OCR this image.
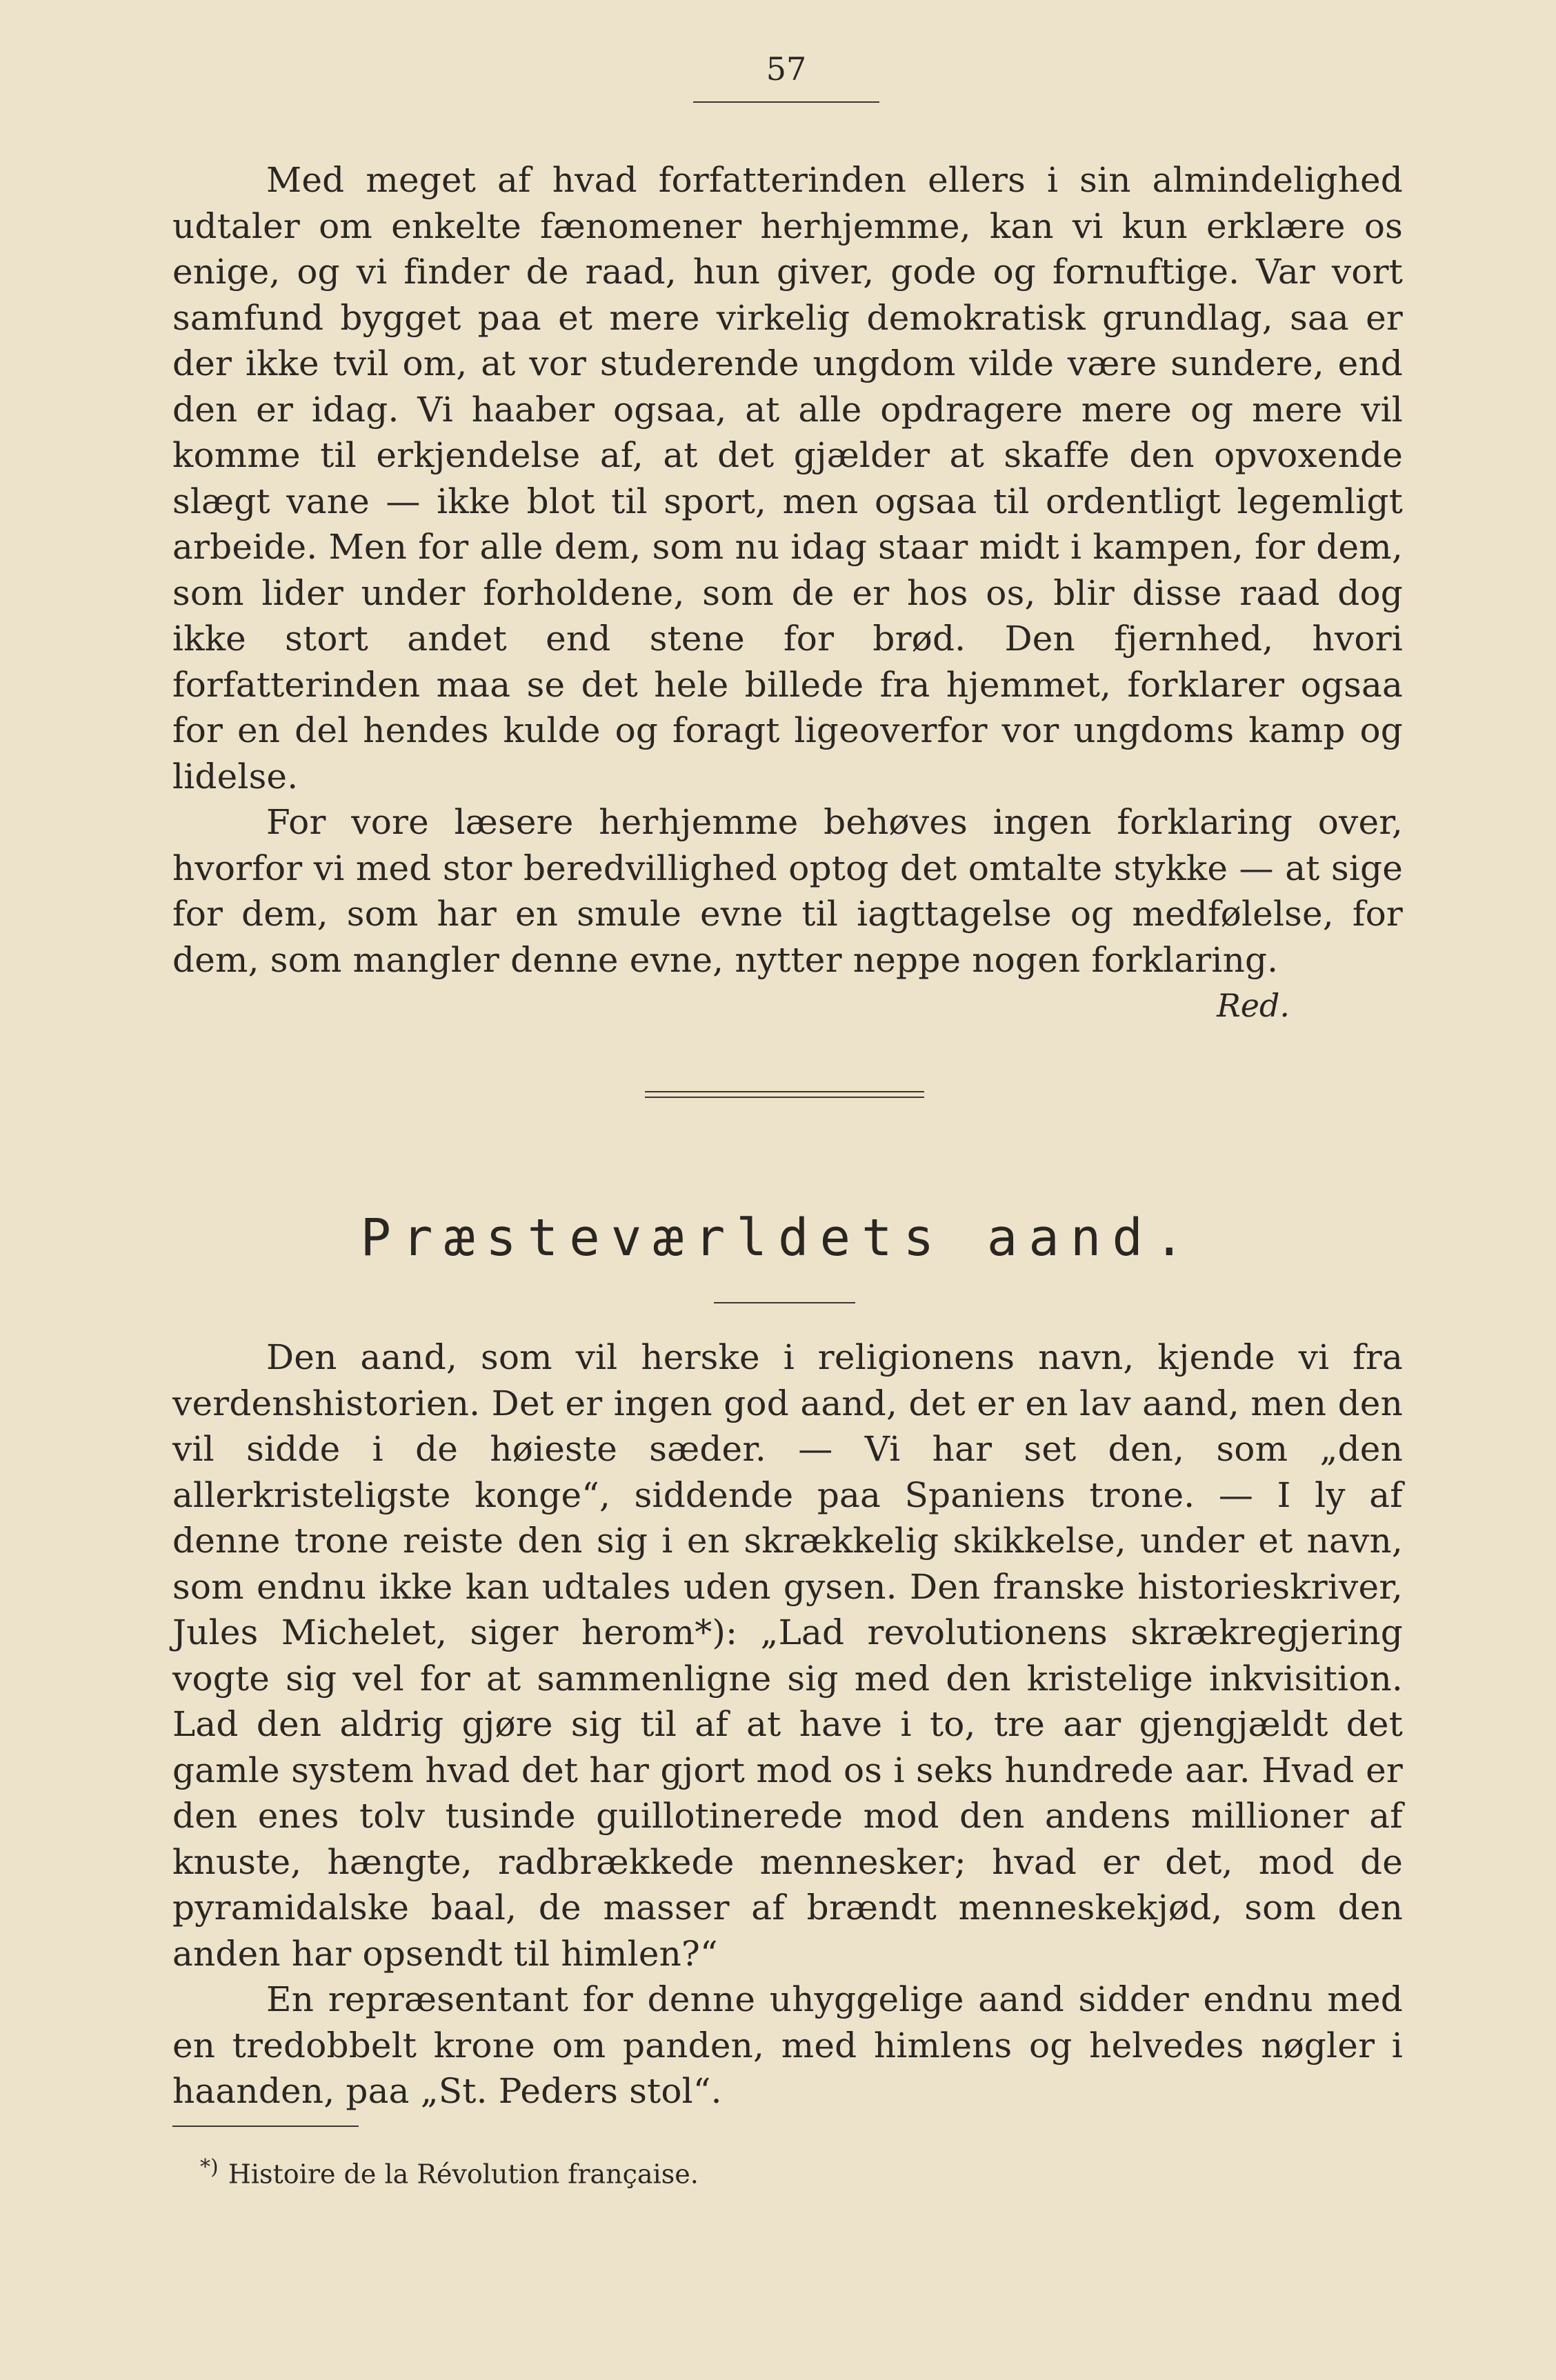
57

Med meget af hvad forfatterinden ellers i sin almindelighed udtaler om enkelte fænomener herhjemme, kan vi kun erklære os enige, og vi finder de raad, hun giver, gode og fornuftige. Var vort samfund bygget paa et mere virkelig demokratisk grundlag, saa er der ikke tvil om, at vor studerende ungdom vilde være sundere, end den er idag. Vi haaber ogsaa, at alle opdragere mere og mere vil komme til erkjendelse af, at det gjælder at skaffe den opvoxende slægt vane — ikke blot til sport, men ogsaa til ordentligt legemligt arbeide. Men for alle dem, som nu idag staar midt i kampen, for dem, som lider under forholdene, som de er hos os, blir disse raad dog ikke stort andet end stene for brød. Den fjernhed, hvori forfatterinden maa se det hele billede fra hjemmet, forklarer ogsaa for en del hendes kulde og foragt ligeoverfor vor ungdoms kamp og lidelse.

For vore læsere herhjemme behøves ingen forklaring over, hvorfor vi med stor beredvillighed optog det omtalte stykke — at sige for dem, som har en smule evne til iagttagelse og medfølelse, for dem, som mangler denne evne, nytter neppe nogen forklaring.

Red.
Præsteværldets aand.

Den aand, som vil herske i religionens navn, kjende vi fra verdenshistorien. Det er ingen god aand, det er en lav aand, men den vil sidde i de høieste sæder. — Vi har set den, som „den allerkristeligste konge“, siddende paa Spaniens trone. — I ly af denne trone reiste den sig i en skrækkelig skikkelse, under et navn, som endnu ikke kan udtales uden gysen. Den franske historieskriver, Jules Michelet, siger herom*): „Lad revolutionens skrækregjering vogte sig vel for at sammenligne sig med den kristelige inkvisition. Lad den aldrig gjøre sig til af at have i to, tre aar gjengjældt det gamle system hvad det har gjort mod os i seks hundrede aar. Hvad er den enes tolv tusinde guillotinerede mod den andens millioner af knuste, hængte, radbrækkede mennesker; hvad er det, mod de pyramidalske baal, de masser af brændt menneskekjød, som den anden har opsendt til himlen?“

En repræsentant for denne uhyggelige aand sidder endnu med en tredobbelt krone om panden, med himlens og helvedes nøgler i haanden, paa „St. Peders stol“.

*) Histoire de la Révolution française.
